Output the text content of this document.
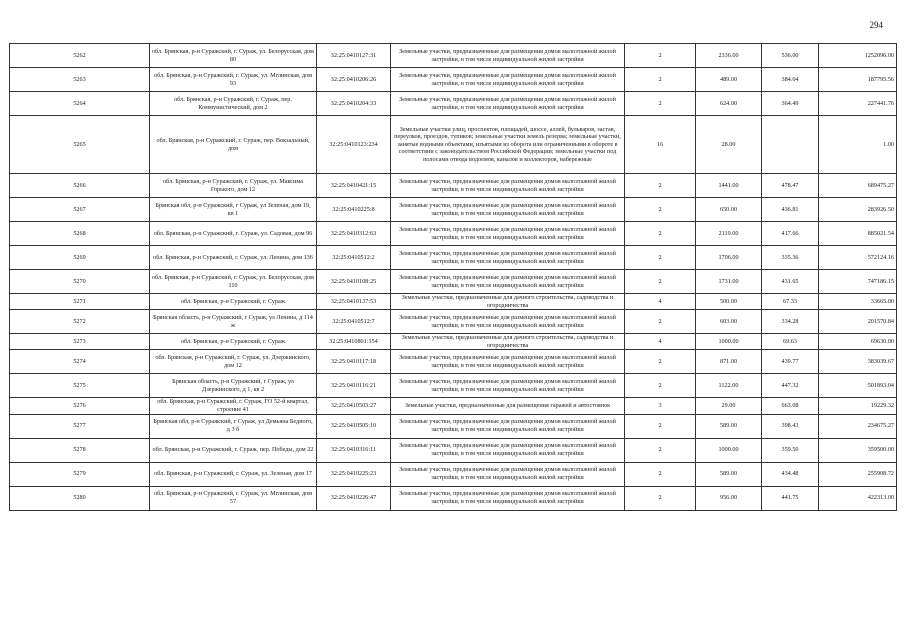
294
5262	обл. Брянская, р-н Суражский, г. Сураж, ул. Белорусская, дом 80	32:25:0410127:31	Земельные участки, предназначенные для размещения домов малоэтажной жилой застройки, в том числе индивидуальной жилой застройки	2	2336.00	536.00	1252096.00
5263	обл. Брянская, р-н Суражский, г. Сураж, ул. Мглинская, дом 93	32:25:0410206:26	Земельные участки, предназначенные для размещения домов малоэтажной жилой застройки, в том числе индивидуальной жилой застройки	2	489.00	384.04	187795.56
5264	обл. Брянская, р-н Суражский, г. Сураж, пер. Коммунистический, дом 2	32:25:0410204:33	Земельные участки, предназначенные для размещения домов малоэтажной жилой застройки, в том числе индивидуальной жилой застройки	2	624.00	364.49	227441.76
5265	обл. Брянская, р-н Суражский, г. Сураж, пер. Вокзальный, дом	32:25:0410123:234	Земельные участки улиц, проспектов, площадей, шоссе, аллей, бульваров, застав, переулков, проездов, тупиков; земельные участки земель резерва; земельные участки, занятые водными объектами, изъятыми из оборота или ограниченными в обороте в соответствии с законодательством Российской Федерации; земельные участки под полосами отвода водоемов, каналов и коллекторов, набережные	16	28.00		1.00
5266	обл. Брянская, р-н Суражский, г. Сураж, ул. Максима Горького, дом 12	32:25:0410421:15	Земельные участки, предназначенные для размещения домов малоэтажной жилой застройки, в том числе индивидуальной жилой застройки	2	1441.00	478.47	689475.27
5267	Брянская обл, р-н Суражский, г Сураж, ул Зеленая, дом 19, кв 1	32:25:0410225:8	Земельные участки, предназначенные для размещения домов малоэтажной жилой застройки, в том числе индивидуальной жилой застройки	2	650.00	436.81	283926.50
5268	обл. Брянская, р-н Суражский, г. Сураж, ул. Садовая, дом 96	32:25:0410312:63	Земельные участки, предназначенные для размещения домов малоэтажной жилой застройки, в том числе индивидуальной жилой застройки	2	2119.00	417.66	885021.54
5269	обл. Брянская, р-н Суражский, г. Сураж, ул. Ленина, дом 136	32:25:0410512:2	Земельные участки, предназначенные для размещения домов малоэтажной жилой застройки, в том числе индивидуальной жилой застройки	2	1706.00	335.36	572124.16
5270	обл. Брянская, р-н Суражский, г. Сураж, ул. Белорусская, дом 110	32:25:0410108:25	Земельные участки, предназначенные для размещения домов малоэтажной жилой застройки, в том числе индивидуальной жилой застройки	2	1731.00	431.65	747186.15
5271	обл. Брянская, р-н Суражский, г. Сураж	32:25:0410137:53	Земельные участки, предназначенные для дачного строительства, садоводства и огородничества	4	500.00	67.33	33665.00
5272	Брянская область, р-н Суражский, г Сураж, ул Ленина, д 114 ж	32:25:0410512:7	Земельные участки, предназначенные для размещения домов малоэтажной жилой застройки, в том числе индивидуальной жилой застройки	2	603.00	334.28	201570.84
5273	обл. Брянская, р-н Суражский, г. Сураж	32:25:0410801:154	Земельные участки, предназначенные для дачного строительства, садоводства и огородничества	4	1000.00	69.63	69630.00
5274	обл. Брянская, р-н Суражский, г. Сураж, ул. Дзержинского, дом 12	32:25:0410117:18	Земельные участки, предназначенные для размещения домов малоэтажной жилой застройки, в том числе индивидуальной жилой застройки	2	871.00	439.77	383039.67
5275	Брянская область, р-н Суражский, г Сураж, ул Дзержинского, д 1, кв 2	32:25:0410116:21	Земельные участки, предназначенные для размещения домов малоэтажной жилой застройки, в том числе индивидуальной жилой застройки	2	1122.00	447.32	501893.04
5276	обл. Брянская, р-н Суражский, г. Сураж, ГО 52-й квартал, строение 41	32:25:0410503:27	Земельные участки, предназначенные для размещения гаражей и автостоянок	3	29.00	663.08	19229.32
5277	Брянская обл, р-н Суражский, г Сураж, ул Демьяна Бедного, д 3 б	32:25:0410505:10	Земельные участки, предназначенные для размещения домов малоэтажной жилой застройки, в том числе индивидуальной жилой застройки	2	589.00	398.43	234675.27
5278	обл. Брянская, р-н Суражский, г. Сураж, пер. Победы, дом 22	32:25:0410316:11	Земельные участки, предназначенные для размещения домов малоэтажной жилой застройки, в том числе индивидуальной жилой застройки	2	1000.00	359.50	359500.00
5279	обл. Брянская, р-н Суражский, г. Сураж, ул. Зеленая, дом 17	32:25:0410225:23	Земельные участки, предназначенные для размещения домов малоэтажной жилой застройки, в том числе индивидуальной жилой застройки	2	589.00	434.48	255908.72
5280	обл. Брянская, р-н Суражский, г. Сураж, ул. Мглинская, дом 57	32:25:0410226:47	Земельные участки, предназначенные для размещения домов малоэтажной жилой застройки, в том числе индивидуальной жилой застройки	2	956.00	441.75	422313.00
